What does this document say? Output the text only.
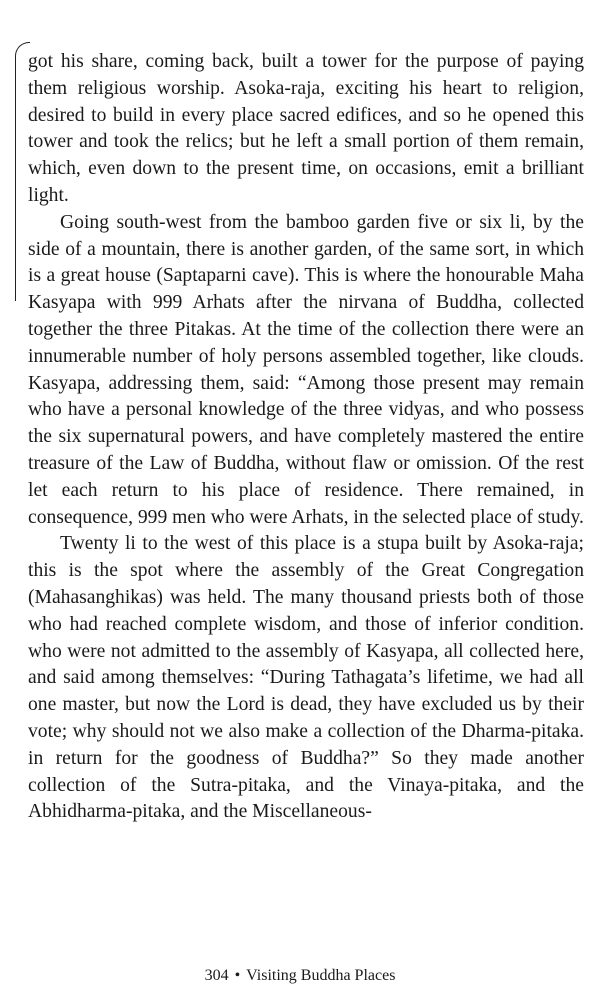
got his share, coming back, built a tower for the purpose of paying them religious worship. Asoka-raja, exciting his heart to religion, desired to build in every place sacred edifices, and so he opened this tower and took the relics; but he left a small portion of them remain, which, even down to the present time, on occasions, emit a brilliant light.

Going south-west from the bamboo garden five or six li, by the side of a mountain, there is another garden, of the same sort, in which is a great house (Saptaparni cave). This is where the honourable Maha Kasyapa with 999 Arhats after the nirvana of Buddha, collected together the three Pitakas. At the time of the collection there were an innumerable number of holy persons assembled together, like clouds. Kasyapa, addressing them, said: “Among those present may remain who have a personal knowledge of the three vidyas, and who possess the six supernatural powers, and have completely mastered the entire treasure of the Law of Buddha, without flaw or omission. Of the rest let each return to his place of residence. There remained, in consequence, 999 men who were Arhats, in the selected place of study.

Twenty li to the west of this place is a stupa built by Asoka-raja; this is the spot where the assembly of the Great Congregation (Mahasanghikas) was held. The many thousand priests both of those who had reached complete wisdom, and those of inferior condition. who were not admitted to the assembly of Kasyapa, all collected here, and said among themselves: “During Tathagata’s lifetime, we had all one master, but now the Lord is dead, they have excluded us by their vote; why should not we also make a collection of the Dharma-pitaka. in return for the goodness of Buddha?” So they made another collection of the Sutra-pitaka, and the Vinaya-pitaka, and the Abhidharma-pitaka, and the Miscellaneous-

304 • Visiting Buddha Places
